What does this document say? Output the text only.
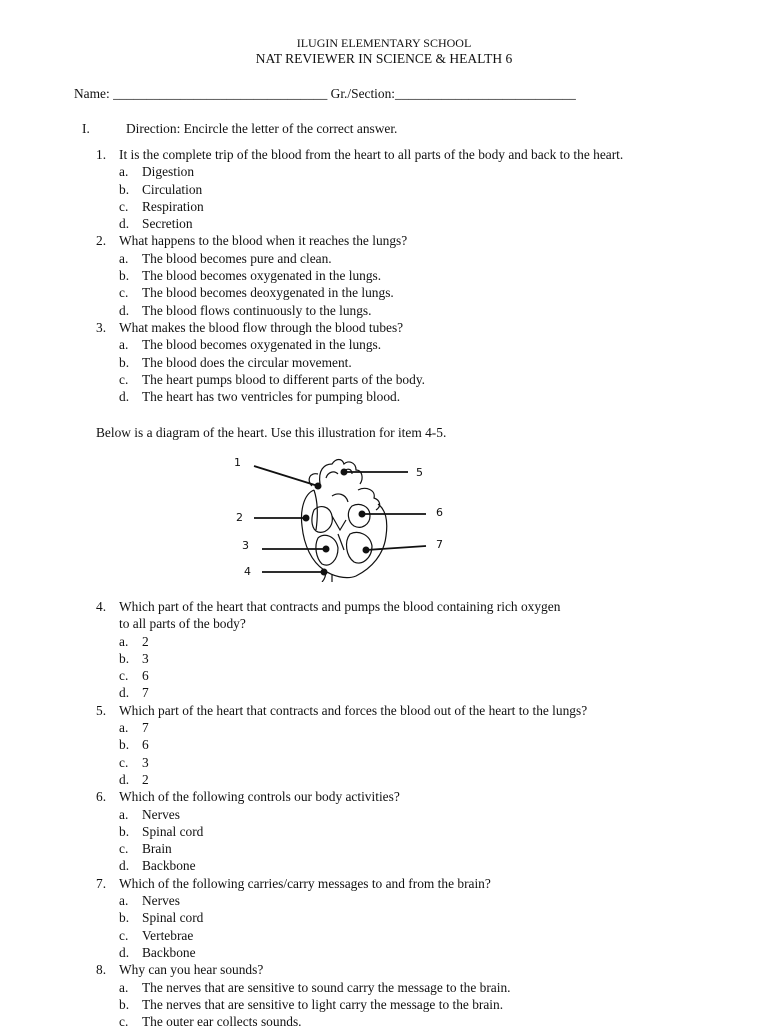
ILUGIN ELEMENTARY SCHOOL
NAT REVIEWER IN SCIENCE & HEALTH 6
Name: ________________________________ Gr./Section:___________________________
I.	Direction: Encircle the letter of the correct answer.
1. It is the complete trip of the blood from the heart to all parts of the body and back to the heart.
a. Digestion
b. Circulation
c. Respiration
d. Secretion
2. What happens to the blood when it reaches the lungs?
a. The blood becomes pure and clean.
b. The blood becomes oxygenated in the lungs.
c. The blood becomes deoxygenated in the lungs.
d. The blood flows continuously to the lungs.
3. What makes the blood flow through the blood tubes?
a. The blood becomes oxygenated in the lungs.
b. The blood does the circular movement.
c. The heart pumps blood to different parts of the body.
d. The heart has two ventricles for pumping blood.
Below is a diagram of the heart. Use this illustration for item 4-5.
1
2
3
4
5
6
7
4. Which part of the heart that contracts and pumps the blood containing rich oxygen
to all parts of the body?
a. 2
b. 3
c. 6
d. 7
5. Which part of the heart that contracts and forces the blood out of the heart to the lungs?
a. 7
b. 6
c. 3
d. 2
6. Which of the following controls our body activities?
a. Nerves
b. Spinal cord
c. Brain
d. Backbone
7. Which of the following carries/carry messages to and from the brain?
a. Nerves
b. Spinal cord
c. Vertebrae
d. Backbone
8. Why can you hear sounds?
a. The nerves that are sensitive to sound carry the message to the brain.
b. The nerves that are sensitive to light carry the message to the brain.
c. The outer ear collects sounds.
